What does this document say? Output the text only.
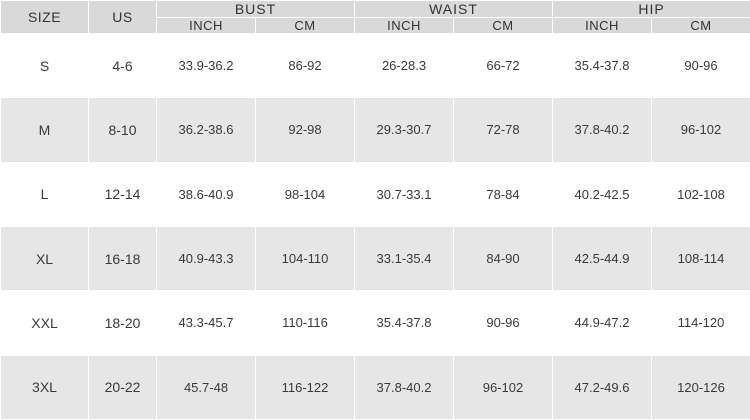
SIZE	US	BUST		WAIST		HIP	
		INCH	CM	INCH	CM	INCH	CM
S	4-6	33.9-36.2	86-92	26-28.3	66-72	35.4-37.8	90-96
M	8-10	36.2-38.6	92-98	29.3-30.7	72-78	37.8-40.2	96-102
L	12-14	38.6-40.9	98-104	30.7-33.1	78-84	40.2-42.5	102-108
XL	16-18	40.9-43.3	104-110	33.1-35.4	84-90	42.5-44.9	108-114
XXL	18-20	43.3-45.7	110-116	35.4-37.8	90-96	44.9-47.2	114-120
3XL	20-22	45.7-48	116-122	37.8-40.2	96-102	47.2-49.6	120-126
